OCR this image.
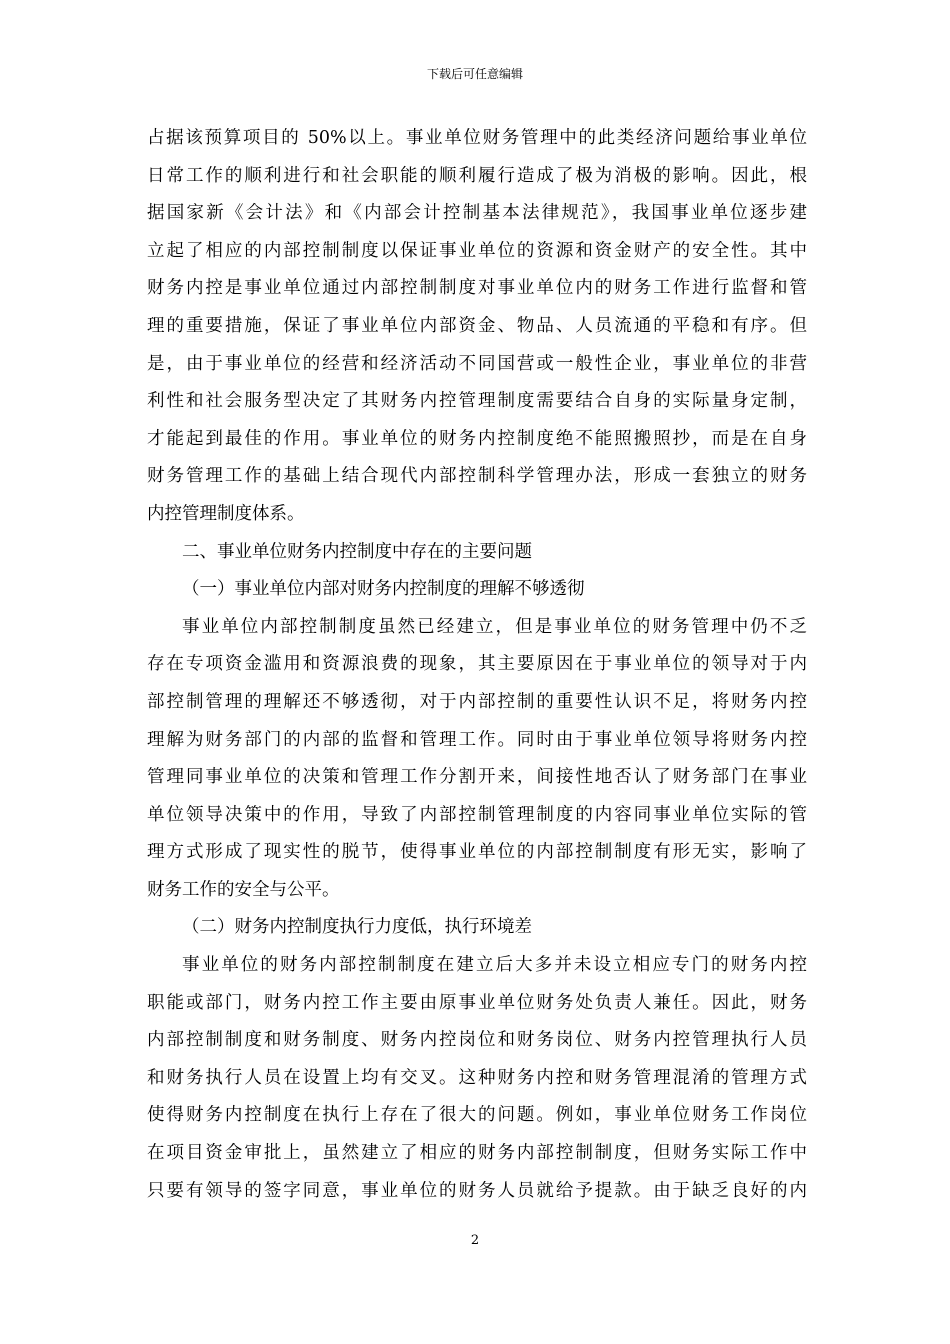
下载后可任意编辑
占据该预算项目的 50%以上。事业单位财务管理中的此类经济问题给事业单位
日常工作的顺利进行和社会职能的顺利履行造成了极为消极的影响。因此，根
据国家新《会计法》和《内部会计控制基本法律规范》，我国事业单位逐步建
立起了相应的内部控制制度以保证事业单位的资源和资金财产的安全性。其中
财务内控是事业单位通过内部控制制度对事业单位内的财务工作进行监督和管
理的重要措施，保证了事业单位内部资金、物品、人员流通的平稳和有序。但
是，由于事业单位的经营和经济活动不同国营或一般性企业，事业单位的非营
利性和社会服务型决定了其财务内控管理制度需要结合自身的实际量身定制，
才能起到最佳的作用。事业单位的财务内控制度绝不能照搬照抄，而是在自身
财务管理工作的基础上结合现代内部控制科学管理办法，形成一套独立的财务
内控管理制度体系。
二、事业单位财务内控制度中存在的主要问题
（一）事业单位内部对财务内控制度的理解不够透彻
事业单位内部控制制度虽然已经建立，但是事业单位的财务管理中仍不乏
存在专项资金滥用和资源浪费的现象，其主要原因在于事业单位的领导对于内
部控制管理的理解还不够透彻，对于内部控制的重要性认识不足，将财务内控
理解为财务部门的内部的监督和管理工作。同时由于事业单位领导将财务内控
管理同事业单位的决策和管理工作分割开来，间接性地否认了财务部门在事业
单位领导决策中的作用，导致了内部控制管理制度的内容同事业单位实际的管
理方式形成了现实性的脱节，使得事业单位的内部控制制度有形无实，影响了
财务工作的安全与公平。
（二）财务内控制度执行力度低，执行环境差
事业单位的财务内部控制制度在建立后大多并未设立相应专门的财务内控
职能或部门，财务内控工作主要由原事业单位财务处负责人兼任。因此，财务
内部控制制度和财务制度、财务内控岗位和财务岗位、财务内控管理执行人员
和财务执行人员在设置上均有交叉。这种财务内控和财务管理混淆的管理方式
使得财务内控制度在执行上存在了很大的问题。例如，事业单位财务工作岗位
在项目资金审批上，虽然建立了相应的财务内部控制制度，但财务实际工作中
只要有领导的签字同意，事业单位的财务人员就给予提款。由于缺乏良好的内
2
